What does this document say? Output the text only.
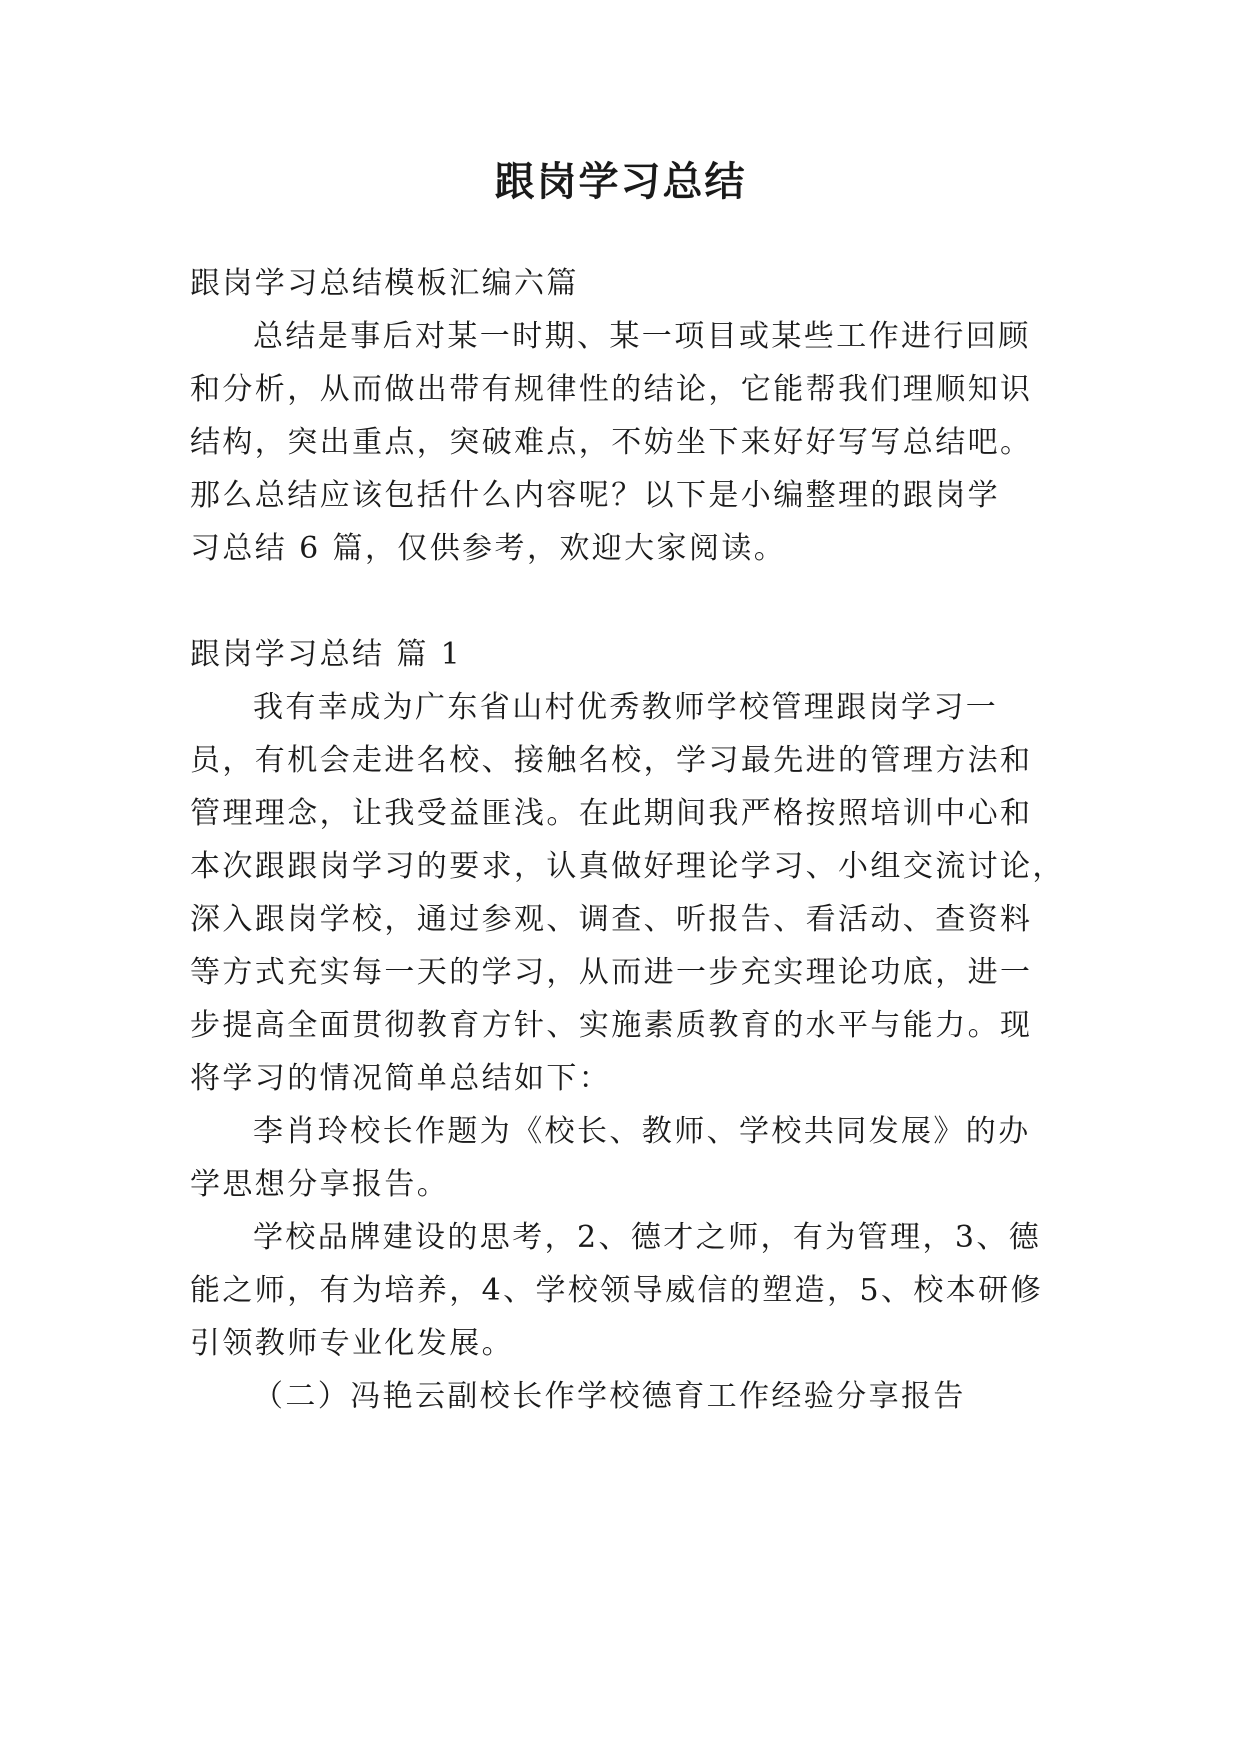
跟岗学习总结
跟岗学习总结模板汇编六篇
总结是事后对某一时期、某一项目或某些工作进行回顾
和分析，从而做出带有规律性的结论，它能帮我们理顺知识
结构，突出重点，突破难点，不妨坐下来好好写写总结吧。
那么总结应该包括什么内容呢？以下是小编整理的跟岗学
习总结 6 篇，仅供参考，欢迎大家阅读。
跟岗学习总结 篇 1
我有幸成为广东省山村优秀教师学校管理跟岗学习一
员，有机会走进名校、接触名校，学习最先进的管理方法和
管理理念，让我受益匪浅。在此期间我严格按照培训中心和
本次跟跟岗学习的要求，认真做好理论学习、小组交流讨论，
深入跟岗学校，通过参观、调查、听报告、看活动、查资料
等方式充实每一天的学习，从而进一步充实理论功底，进一
步提高全面贯彻教育方针、实施素质教育的水平与能力。现
将学习的情况简单总结如下：
李肖玲校长作题为《校长、教师、学校共同发展》的办
学思想分享报告。
学校品牌建设的思考，2、德才之师，有为管理，3、德
能之师，有为培养，4、学校领导威信的塑造，5、校本研修
引领教师专业化发展。
（二）冯艳云副校长作学校德育工作经验分享报告
